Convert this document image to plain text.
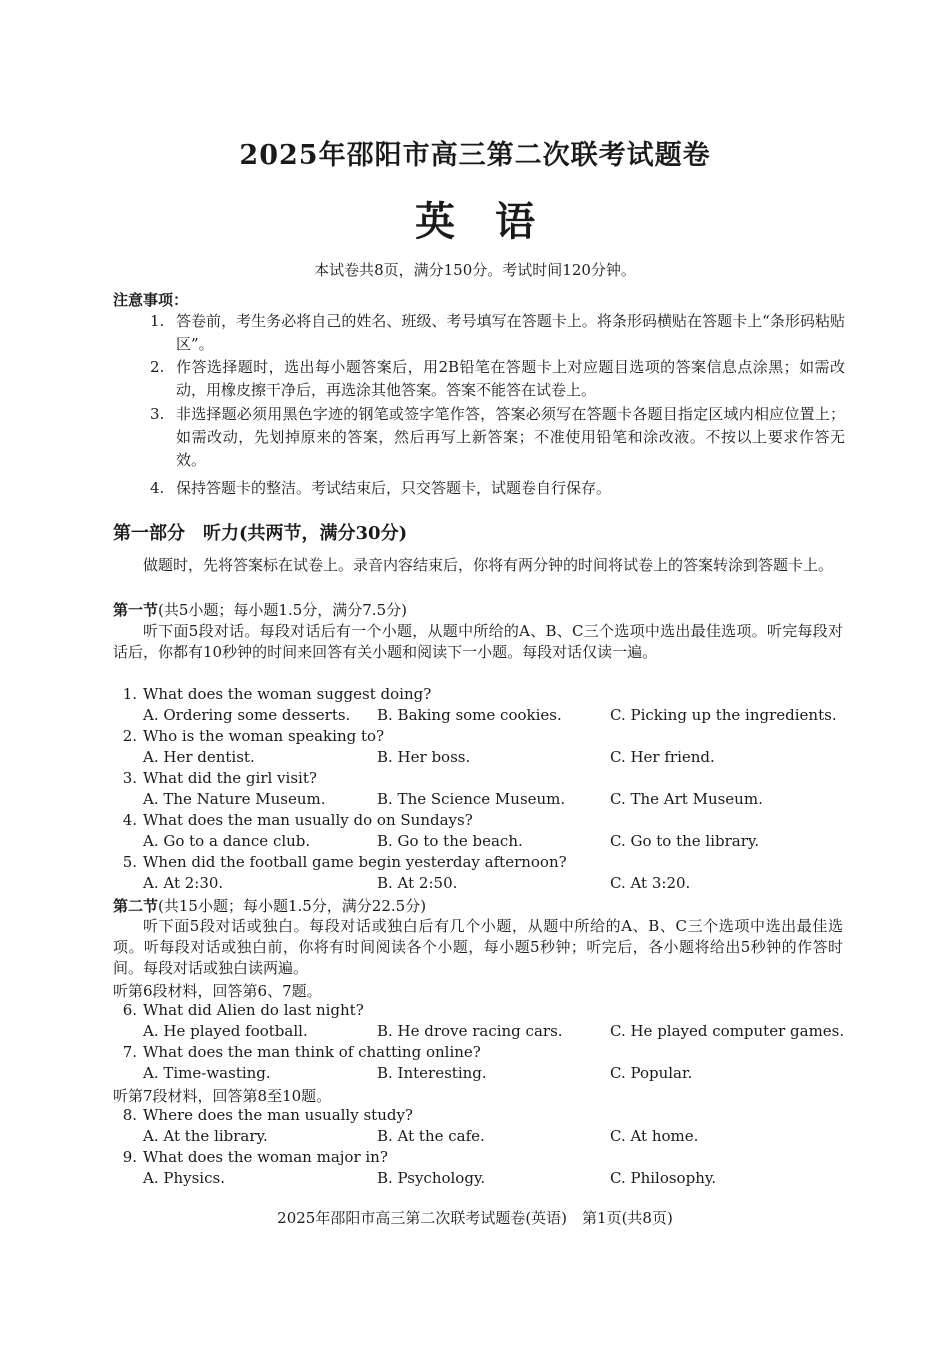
2025年邵阳市高三第二次联考试题卷
英语
本试卷共8页，满分150分。考试时间120分钟。
注意事项：
1. 答卷前，考生务必将自己的姓名、班级、考号填写在答题卡上。将条形码横贴在答题卡上“条形码粘贴区”。
2. 作答选择题时，选出每小题答案后，用2B铅笔在答题卡上对应题目选项的答案信息点涂黑；如需改动，用橡皮擦干净后，再选涂其他答案。答案不能答在试卷上。
3. 非选择题必须用黑色字迹的钢笔或签字笔作答，答案必须写在答题卡各题目指定区域内相应位置上；如需改动，先划掉原来的答案，然后再写上新答案；不准使用铅笔和涂改液。不按以上要求作答无效。
4. 保持答题卡的整洁。考试结束后，只交答题卡，试题卷自行保存。
第一部分　听力(共两节，满分30分)
做题时，先将答案标在试卷上。录音内容结束后，你将有两分钟的时间将试卷上的答案转涂到答题卡上。
第一节(共5小题；每小题1.5分，满分7.5分)
听下面5段对话。每段对话后有一个小题，从题中所给的A、B、C三个选项中选出最佳选项。听完每段对话后，你都有10秒钟的时间来回答有关小题和阅读下一小题。每段对话仅读一遍。
1. What does the woman suggest doing?
A. Ordering some desserts. B. Baking some cookies.	C. Picking up the ingredients.
2. Who is the woman speaking to?
A. Her dentist.	B. Her boss.	C. Her friend.
3. What did the girl visit?
A. The Nature Museum.	B. The Science Museum.	C. The Art Museum.
4. What does the man usually do on Sundays?
A. Go to a dance club.	B. Go to the beach.	C. Go to the library.
5. When did the football game begin yesterday afternoon?
A. At 2:30.	B. At 2:50.	C. At 3:20.
第二节(共15小题；每小题1.5分，满分22.5分)
听下面5段对话或独白。每段对话或独白后有几个小题，从题中所给的A、B、C三个选项中选出最佳选项。听每段对话或独白前，你将有时间阅读各个小题，每小题5秒钟；听完后，各小题将给出5秒钟的作答时间。每段对话或独白读两遍。
听第6段材料，回答第6、7题。
6. What did Alien do last night?
A. He played football.	B. He drove racing cars.	C. He played computer games.
7. What does the man think of chatting online?
A. Time-wasting.	B. Interesting.	C. Popular.
听第7段材料，回答第8至10题。
8. Where does the man usually study?
A. At the library.	B. At the cafe.	C. At home.
9. What does the woman major in?
A. Physics.	B. Psychology.	C. Philosophy.
2025年邵阳市高三第二次联考试题卷(英语)　第1页(共8页)
